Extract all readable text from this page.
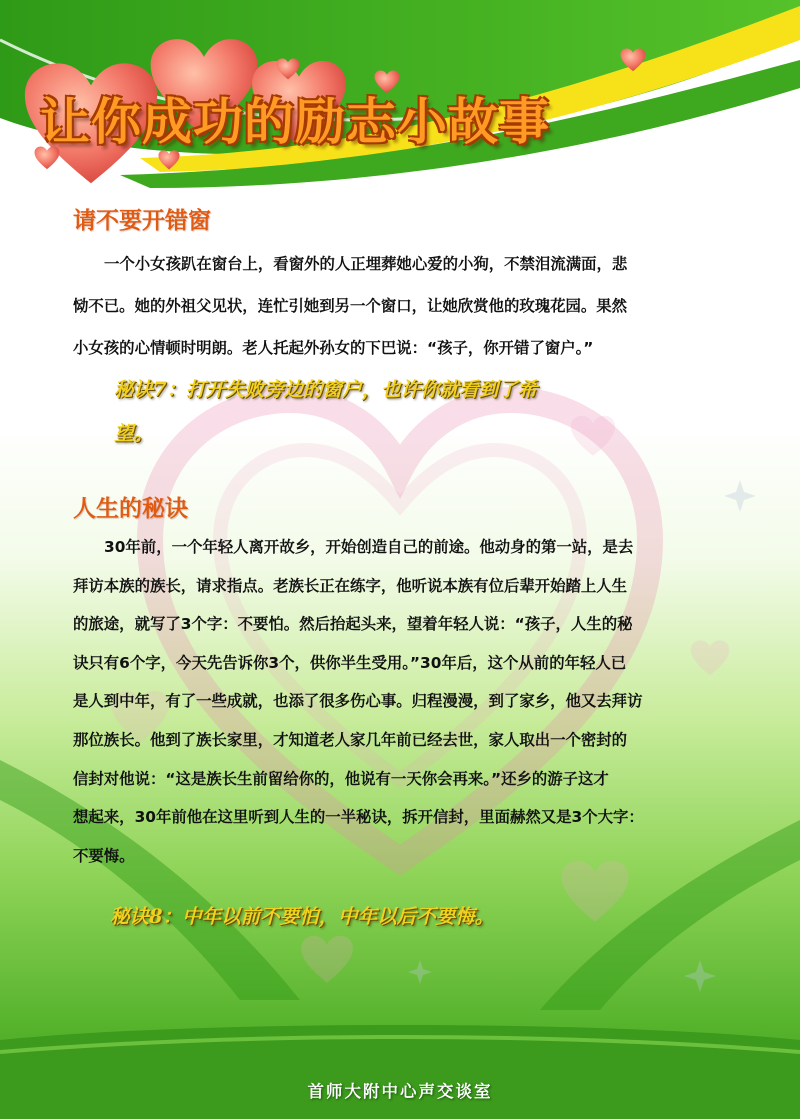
让你成功的励志小故事
请不要开错窗

一个小女孩趴在窗台上，看窗外的人正埋葬她心爱的小狗，不禁泪流满面，悲
恸不已。她的外祖父见状，连忙引她到另一个窗口，让她欣赏他的玫瑰花园。果然
小女孩的心情顿时明朗。老人托起外孙女的下巴说：“孩子，你开错了窗户。”

秘诀7：打开失败旁边的窗户，也许你就看到了希
望。

人生的秘诀

30年前，一个年轻人离开故乡，开始创造自己的前途。他动身的第一站，是去
拜访本族的族长，请求指点。老族长正在练字，他听说本族有位后辈开始踏上人生
的旅途，就写了3个字：不要怕。然后抬起头来，望着年轻人说：“孩子，人生的秘
诀只有6个字，今天先告诉你3个，供你半生受用。”30年后，这个从前的年轻人已
是人到中年，有了一些成就，也添了很多伤心事。归程漫漫，到了家乡，他又去拜访
那位族长。他到了族长家里，才知道老人家几年前已经去世，家人取出一个密封的
信封对他说：“这是族长生前留给你的，他说有一天你会再来。”还乡的游子这才
想起来，30年前他在这里听到人生的一半秘诀，拆开信封，里面赫然又是3个大字：
不要悔。

秘诀8：中年以前不要怕，中年以后不要悔。

首师大附中心声交谈室
